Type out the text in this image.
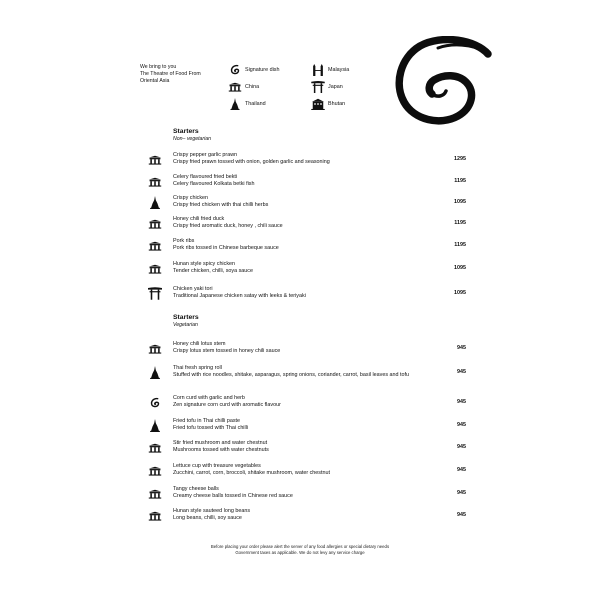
We bring to you
The Theatre of Food From
Oriental Asia
Signature dish
China
Thailand
Malaysia
Japan
Bhutan
Starters
Non– vegetarian
Crispy pepper garlic prawn
Crispy fried prawn tossed with onion, golden garlic and seasoning
1295
Celery flavoured fried bekti
Celery flavoured Kolkata betki fish
1195
Crispy chicken
Crispy fried chicken with thai chilli herbs
1095
Honey chili fried duck
Crispy fried aromatic duck, honey , chili sauce
1195
Pork ribs
Pork ribs tossed in Chinese barbeque sauce
1195
Hunan style spicy chicken
Tender chicken, chilli, soya sauce
1095
Chicken yaki tori
Traditional Japanese chicken satay with leeks & teriyaki
1095
Starters
Vegetarian
Honey chili lotus stem
Crispy lotus stem tossed in honey chili sauce
945
Thai fresh spring roll
Stuffed with rice noodles, shitake, asparagus, spring onions, coriander, carrot, basil leaves and tofu
945
Corn curd with garlic and herb
Zen signature corn curd with aromatic flavour
945
Fried tofu in Thai chilli paste
Fried tofu tossed with Thai chilli
945
Stir fried mushroom and water chestnut
Mushrooms tossed with water chestnuts
945
Lettuce cup with treasure vegetables
Zucchini, carrot, corn, broccoli, shitake mushroom, water chestnut
945
Tangy cheese balls
Creamy cheese balls tossed in Chinese red sauce
945
Hunan style sauteed long beans
Long beans, chilli, soy sauce
945
Before placing your order please alert the server of any food allergies or special dietary needs
Government taxes as applicable. We do not levy any service charge
